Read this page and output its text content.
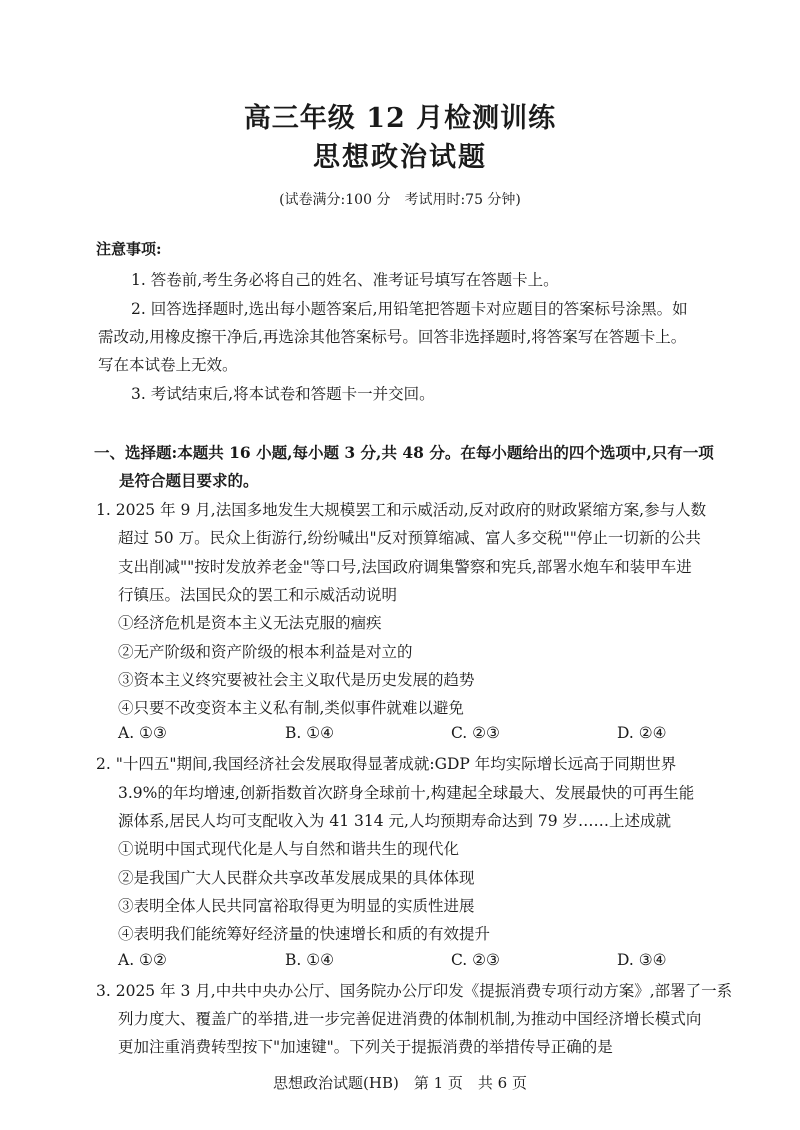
高三年级 12 月检测训练
思想政治试题
(试卷满分:100 分　考试用时:75 分钟)
注意事项:
1. 答卷前,考生务必将自己的姓名、准考证号填写在答题卡上。
2. 回答选择题时,选出每小题答案后,用铅笔把答题卡对应题目的答案标号涂黑。如
需改动,用橡皮擦干净后,再选涂其他答案标号。回答非选择题时,将答案写在答题卡上。
写在本试卷上无效。
3. 考试结束后,将本试卷和答题卡一并交回。
一、选择题:本题共 16 小题,每小题 3 分,共 48 分。在每小题给出的四个选项中,只有一项
是符合题目要求的。
1. 2025 年 9 月,法国多地发生大规模罢工和示威活动,反对政府的财政紧缩方案,参与人数
超过 50 万。民众上街游行,纷纷喊出"反对预算缩减、富人多交税""停止一切新的公共
支出削减""按时发放养老金"等口号,法国政府调集警察和宪兵,部署水炮车和装甲车进
行镇压。法国民众的罢工和示威活动说明
①经济危机是资本主义无法克服的痼疾
②无产阶级和资产阶级的根本利益是对立的
③资本主义终究要被社会主义取代是历史发展的趋势
④只要不改变资本主义私有制,类似事件就难以避免
A. ①③	B. ①④	C. ②③	D. ②④
2. "十四五"期间,我国经济社会发展取得显著成就:GDP 年均实际增长远高于同期世界
3.9%的年均增速,创新指数首次跻身全球前十,构建起全球最大、发展最快的可再生能
源体系,居民人均可支配收入为 41 314 元,人均预期寿命达到 79 岁……上述成就
①说明中国式现代化是人与自然和谐共生的现代化
②是我国广大人民群众共享改革发展成果的具体体现
③表明全体人民共同富裕取得更为明显的实质性进展
④表明我们能统筹好经济量的快速增长和质的有效提升
A. ①②	B. ①④	C. ②③	D. ③④
3. 2025 年 3 月,中共中央办公厅、国务院办公厅印发《提振消费专项行动方案》,部署了一系
列力度大、覆盖广的举措,进一步完善促进消费的体制机制,为推动中国经济增长模式向
更加注重消费转型按下"加速键"。下列关于提振消费的举措传导正确的是
思想政治试题(HB)　第 1 页　共 6 页
